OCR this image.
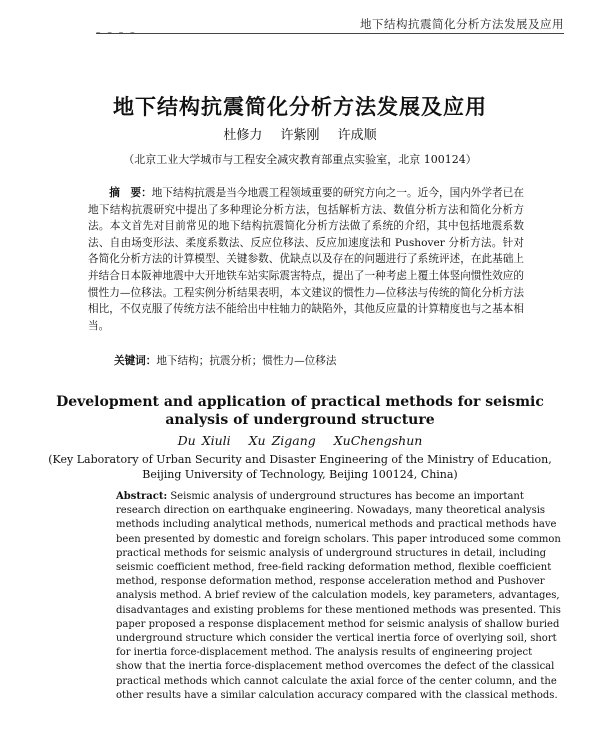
地下结构抗震简化分析方法发展及应用
– – – –
地下结构抗震简化分析方法发展及应用
杜修力 许紫刚 许成顺
（北京工业大学城市与工程安全减灾教育部重点实验室，北京 100124）
摘　要：地下结构抗震是当今地震工程领域重要的研究方向之一。近今，国内外学者已在地下结构抗震研究中提出了多种理论分析方法，包括解析方法、数值分析方法和简化分析方法。本文首先对目前常见的地下结构抗震简化分析方法做了系统的介绍，其中包括地震系数法、自由场变形法、柔度系数法、反应位移法、反应加速度法和 Pushover 分析方法。针对各简化分析方法的计算模型、关键参数、优缺点以及存在的问题进行了系统评述，在此基础上并结合日本阪神地震中大开地铁车站实际震害特点，提出了一种考虑上覆土体竖向惯性效应的惯性力—位移法。工程实例分析结果表明，本文建议的惯性力—位移法与传统的简化分析方法相比，不仅克服了传统方法不能给出中柱轴力的缺陷外，其他反应量的计算精度也与之基本相当。
关键词：地下结构；抗震分析；惯性力—位移法
Development and application of practical methods for seismic
analysis of underground structure
Du Xiuli Xu Zigang XuChengshun
(Key Laboratory of Urban Security and Disaster Engineering of the Ministry of Education,
Beijing University of Technology, Beijing 100124, China)
Abstract: Seismic analysis of underground structures has become an important
research direction on earthquake engineering. Nowadays, many theoretical analysis
methods including analytical methods, numerical methods and practical methods have
been presented by domestic and foreign scholars. This paper introduced some common
practical methods for seismic analysis of underground structures in detail, including
seismic coefficient method, free-field racking deformation method, flexible coefficient
method, response deformation method, response acceleration method and Pushover
analysis method. A brief review of the calculation models, key parameters, advantages,
disadvantages and existing problems for these mentioned methods was presented. This
paper proposed a response displacement method for seismic analysis of shallow buried
underground structure which consider the vertical inertia force of overlying soil, short
for inertia force-displacement method. The analysis results of engineering project
show that the inertia force-displacement method overcomes the defect of the classical
practical methods which cannot calculate the axial force of the center column, and the
other results have a similar calculation accuracy compared with the classical methods.
